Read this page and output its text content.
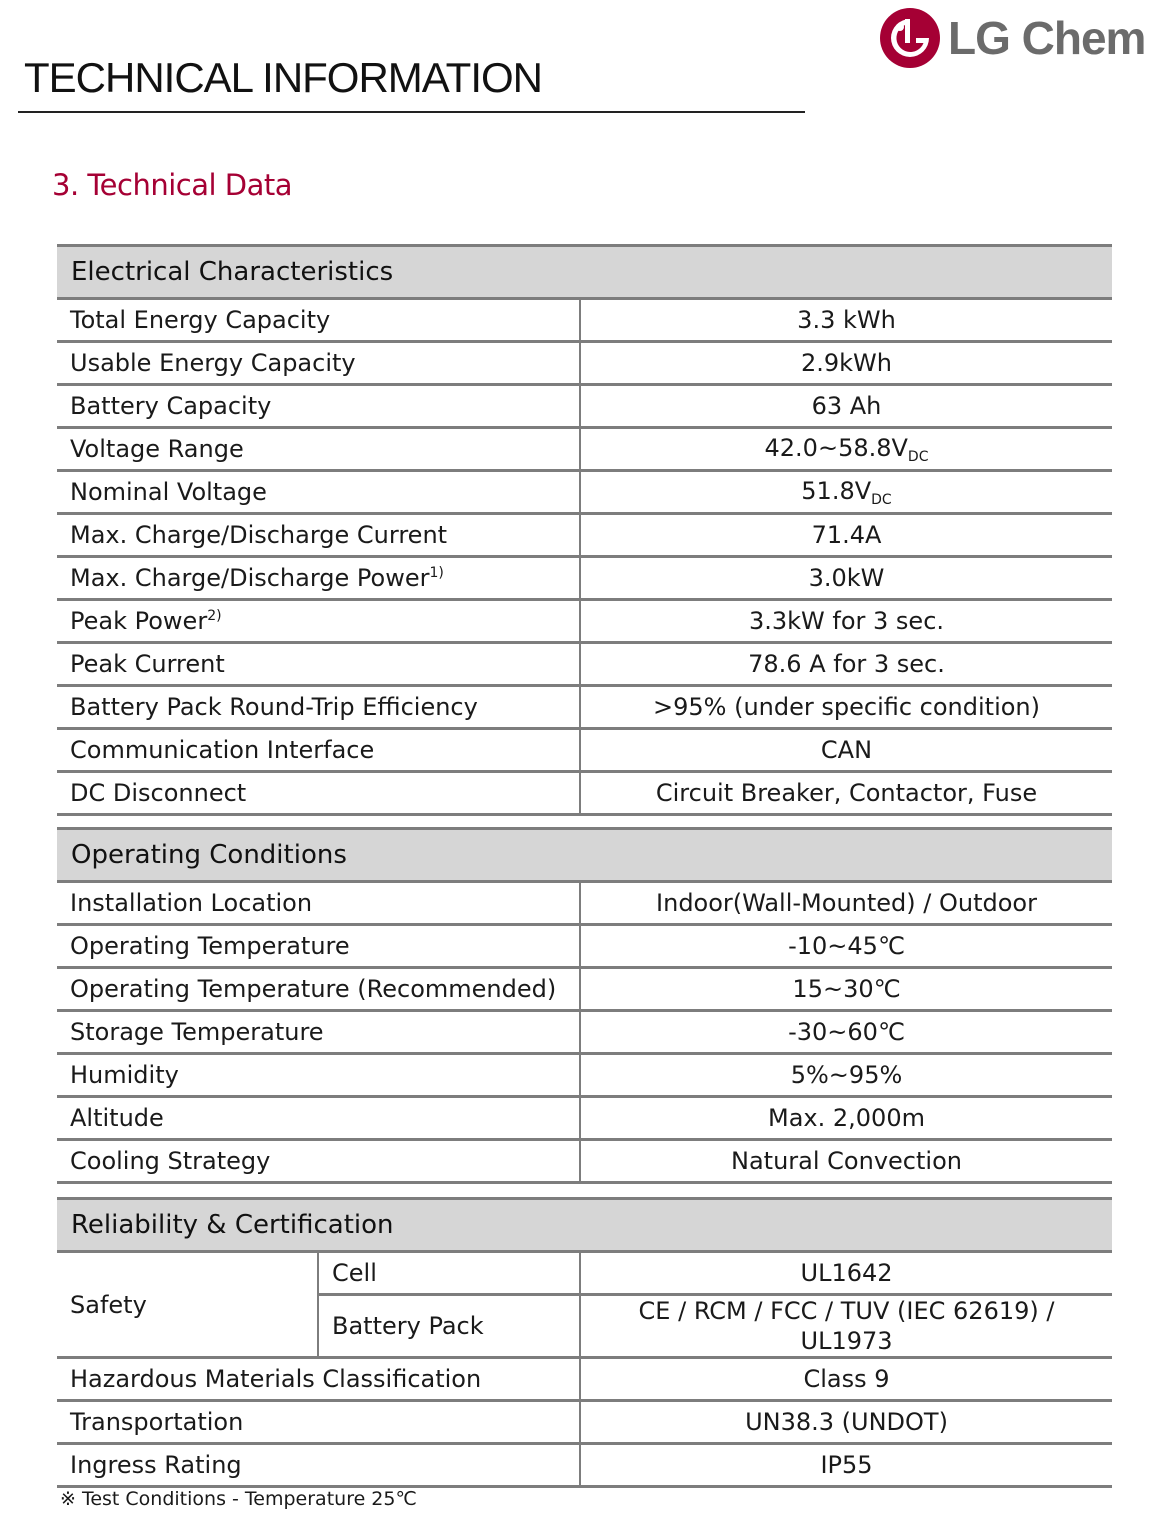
LG Chem
TECHNICAL INFORMATION
3. Technical Data
Electrical Characteristics	
Total Energy Capacity	3.3 kWh
Usable Energy Capacity	2.9kWh
Battery Capacity	63 Ah
Voltage Range	$42.0\sim 58.8V_{DC}$
Nominal Voltage	$51.8V_{DC}$
Max. Charge/Discharge Current	71.4A
Max. Charge/Discharge Power$^{1)}$	3.0kW
Peak Power$^{2)}$	3.3kW for 3 sec.
Peak Current	78.6 A for 3 sec.
Battery Pack Round-Trip Efficiency	>95% (under specific condition)
Communication Interface	CAN
DC Disconnect	Circuit Breaker, Contactor, Fuse
Operating Conditions	
Installation Location	Indoor(Wall-Mounted) / Outdoor
Operating Temperature	-10~45℃
Operating Temperature (Recommended)	15~30℃
Storage Temperature	-30~60℃
Humidity	5%~95%
Altitude	Max. 2,000m
Cooling Strategy	Natural Convection
Reliability & Certification		
Safety	Cell	UL1642
	Battery Pack	CE / RCM / FCC / TUV (IEC 62619) / UL1973
Hazardous Materials Classification		Class 9
Transportation		UN38.3 (UNDOT)
Ingress Rating		IP55
※ Test Conditions - Temperature 25℃
